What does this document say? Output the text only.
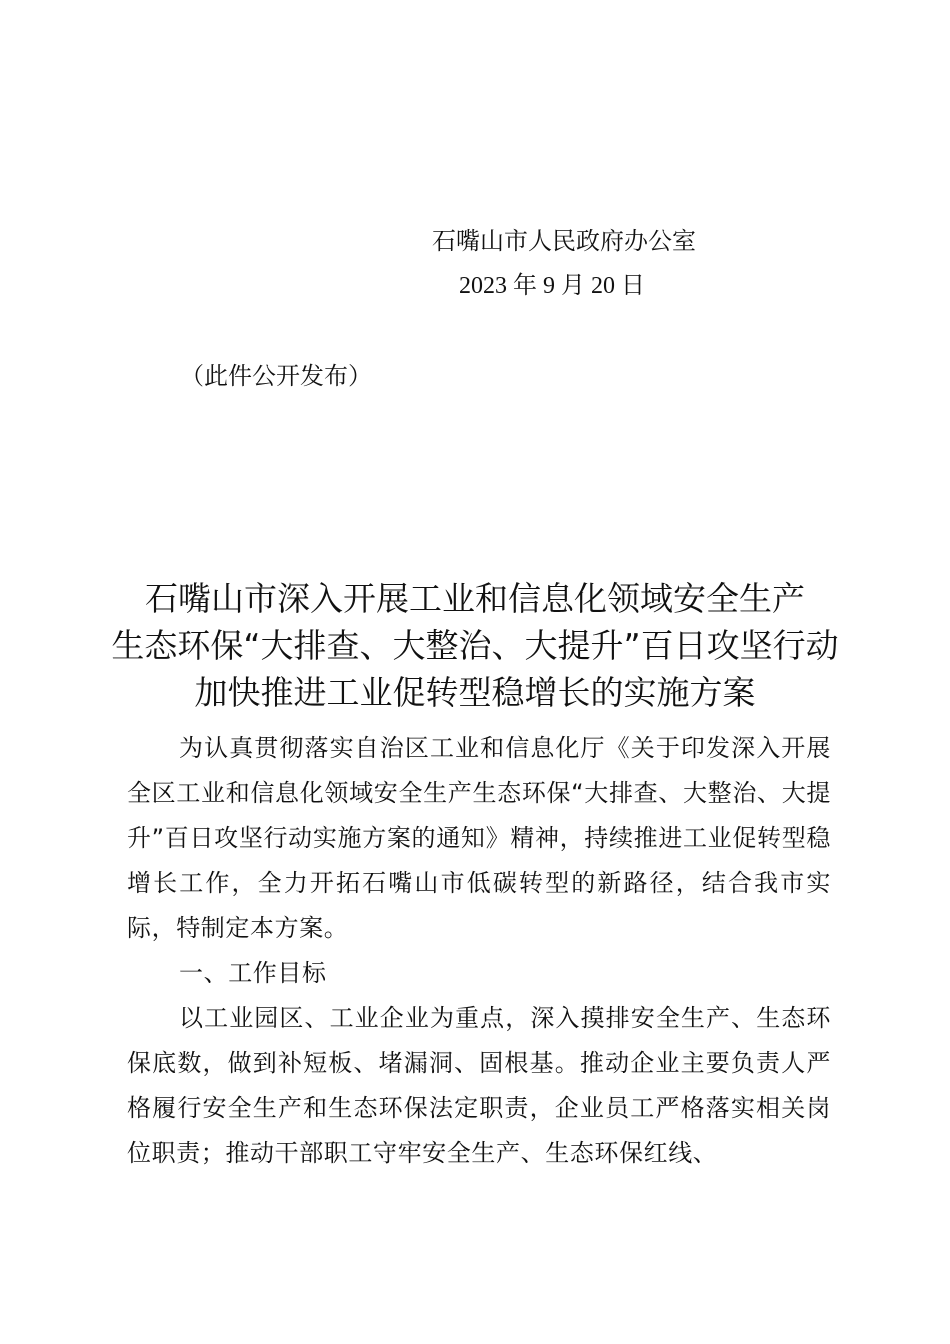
石嘴山市人民政府办公室
2023 年 9 月 20 日
（此件公开发布）
石嘴山市深入开展工业和信息化领域安全生产
生态环保“大排查、大整治、大提升”百日攻坚行动
加快推进工业促转型稳增长的实施方案

为认真贯彻落实自治区工业和信息化厅《关于印发深入开展全区工业和信息化领域安全生产生态环保“大排查、大整治、大提升”百日攻坚行动实施方案的通知》精神，持续推进工业促转型稳增长工作，全力开拓石嘴山市低碳转型的新路径，结合我市实际，特制定本方案。

一、工作目标

以工业园区、工业企业为重点，深入摸排安全生产、生态环保底数，做到补短板、堵漏洞、固根基。推动企业主要负责人严格履行安全生产和生态环保法定职责，企业员工严格落实相关岗位职责；推动干部职工守牢安全生产、生态环保红线、
